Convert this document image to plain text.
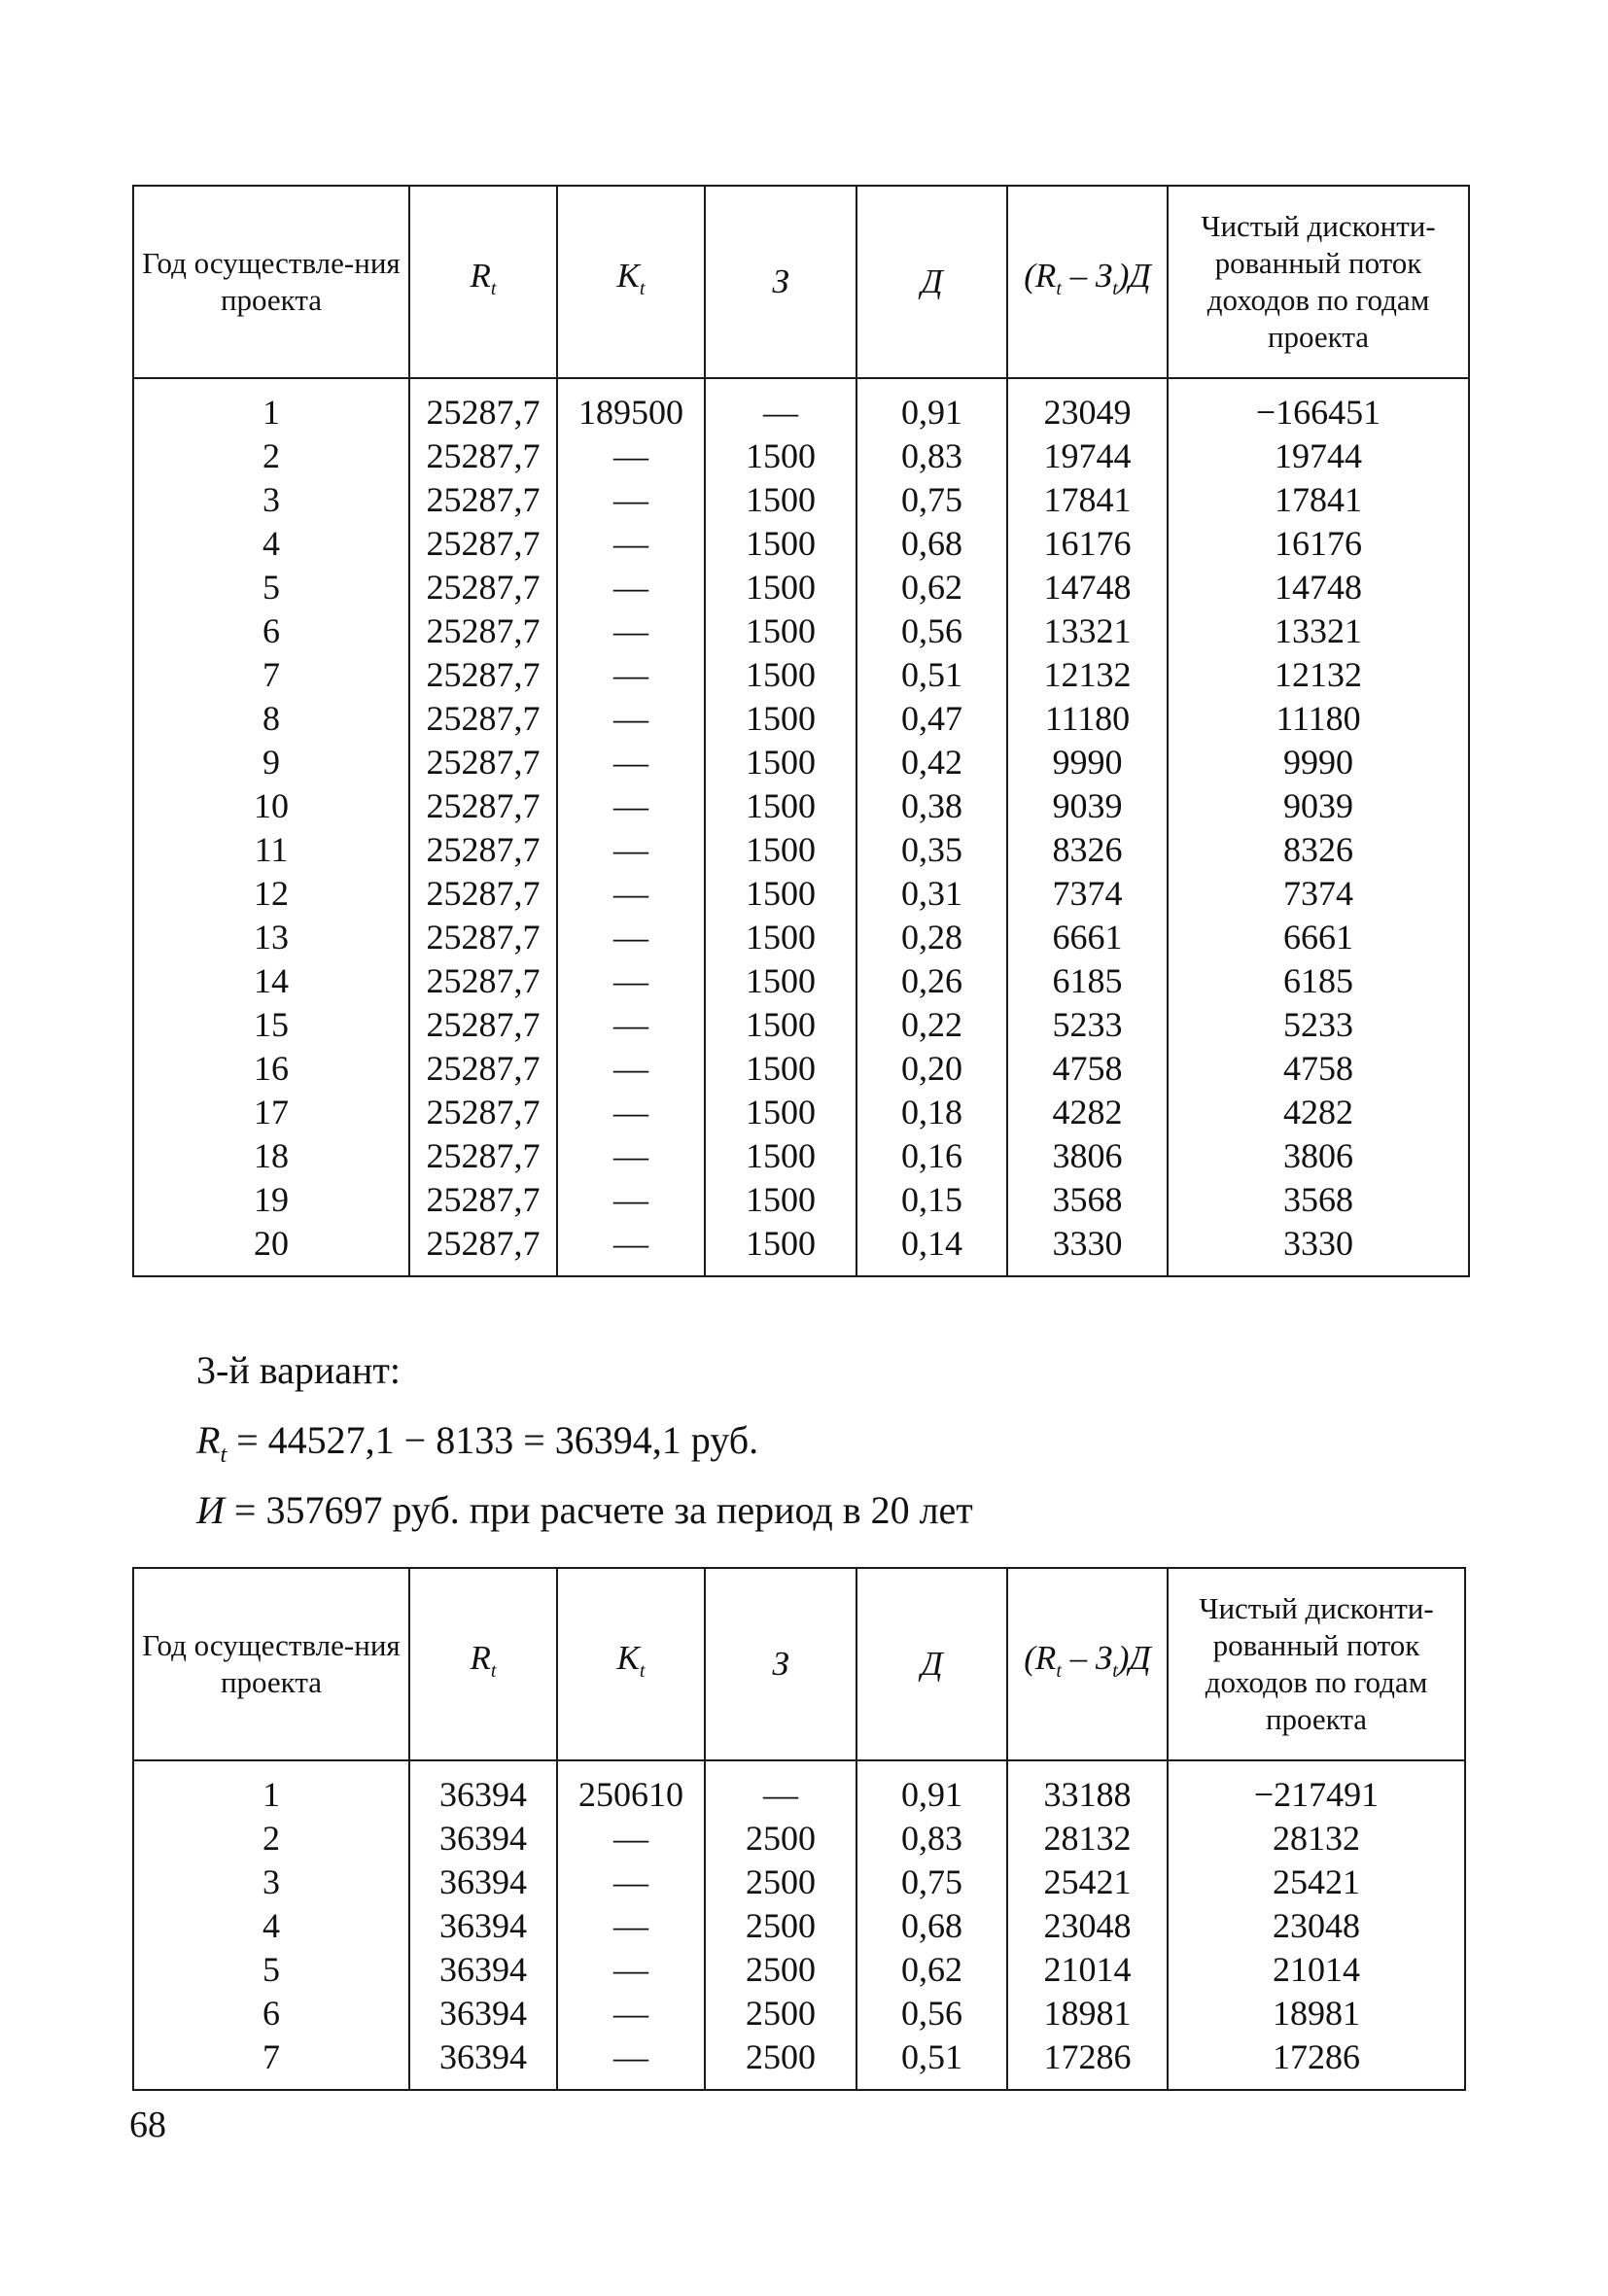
Год осуществле-ния проекта	$R_t$	$K_t$	З	Д	$(R_t - З_t)Д$	Чистый дисконти-рованный поток доходов по годам проекта
1	25287,7	189500	—	0,91	23049	−166451
2	25287,7	—	1500	0,83	19744	19744
3	25287,7	—	1500	0,75	17841	17841
4	25287,7	—	1500	0,68	16176	16176
5	25287,7	—	1500	0,62	14748	14748
6	25287,7	—	1500	0,56	13321	13321
7	25287,7	—	1500	0,51	12132	12132
8	25287,7	—	1500	0,47	11180	11180
9	25287,7	—	1500	0,42	9990	9990
10	25287,7	—	1500	0,38	9039	9039
11	25287,7	—	1500	0,35	8326	8326
12	25287,7	—	1500	0,31	7374	7374
13	25287,7	—	1500	0,28	6661	6661
14	25287,7	—	1500	0,26	6185	6185
15	25287,7	—	1500	0,22	5233	5233
16	25287,7	—	1500	0,20	4758	4758
17	25287,7	—	1500	0,18	4282	4282
18	25287,7	—	1500	0,16	3806	3806
19	25287,7	—	1500	0,15	3568	3568
20	25287,7	—	1500	0,14	3330	3330
3-й вариант:
$R_t = 44527,1 - 8133 = 36394,1$ руб.
И = 357697 руб. при расчете за период в 20 лет
Год осуществле-ния проекта	$R_t$	$K_t$	З	Д	$(R_t - З_t)Д$	Чистый дисконти-рованный поток доходов по годам проекта
1	36394	250610	—	0,91	33188	−217491
2	36394	—	2500	0,83	28132	28132
3	36394	—	2500	0,75	25421	25421
4	36394	—	2500	0,68	23048	23048
5	36394	—	2500	0,62	21014	21014
6	36394	—	2500	0,56	18981	18981
7	36394	—	2500	0,51	17286	17286
68
